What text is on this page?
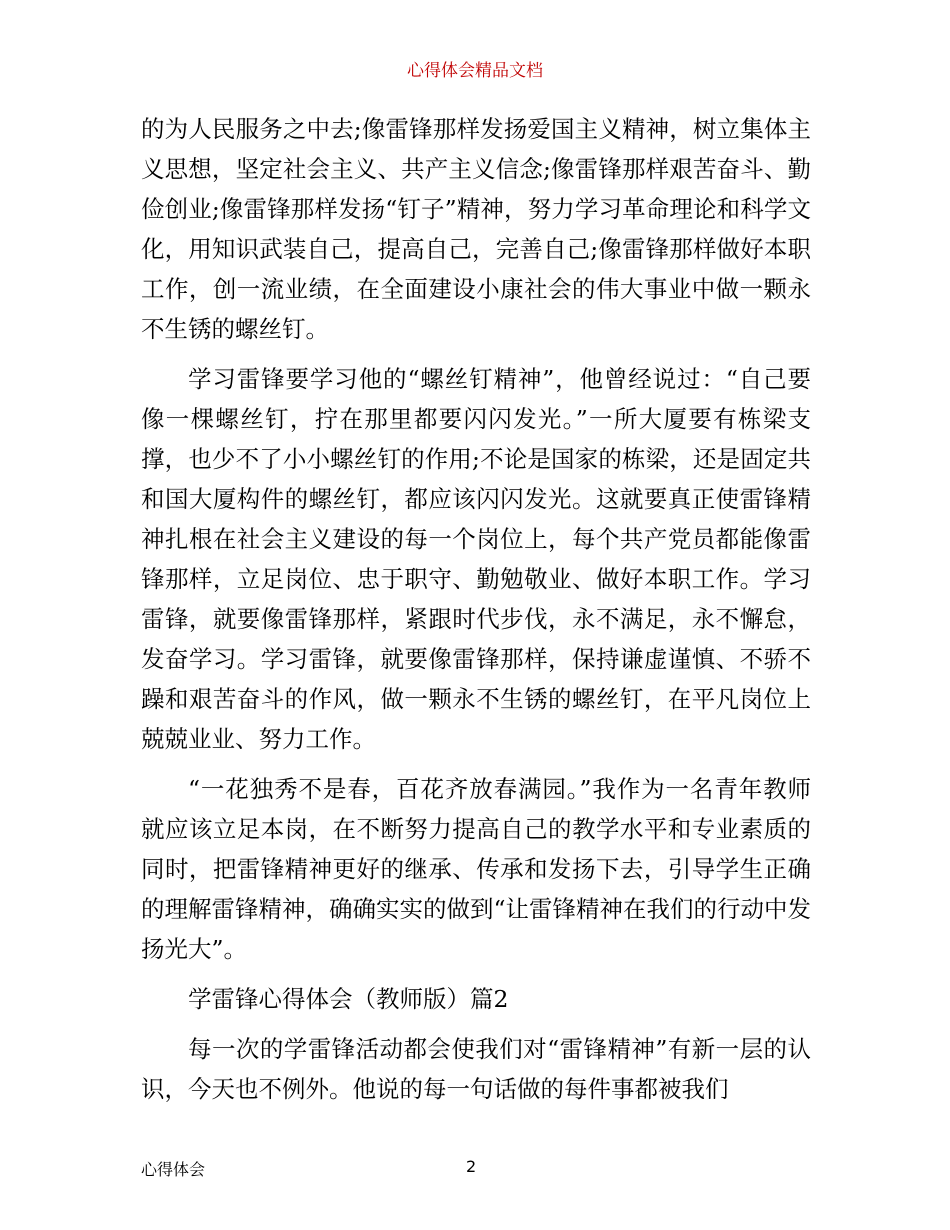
心得体会精品文档

的为人民服务之中去;像雷锋那样发扬爱国主义精神，树立集体主义思想，坚定社会主义、共产主义信念;像雷锋那样艰苦奋斗、勤俭创业;像雷锋那样发扬“钉子”精神，努力学习革命理论和科学文化，用知识武装自己，提高自己，完善自己;像雷锋那样做好本职工作，创一流业绩，在全面建设小康社会的伟大事业中做一颗永不生锈的螺丝钉。

学习雷锋要学习他的“螺丝钉精神”，他曾经说过：“自己要像一棵螺丝钉，拧在那里都要闪闪发光。”一所大厦要有栋梁支撑，也少不了小小螺丝钉的作用;不论是国家的栋梁，还是固定共和国大厦构件的螺丝钉，都应该闪闪发光。这就要真正使雷锋精神扎根在社会主义建设的每一个岗位上，每个共产党员都能像雷锋那样，立足岗位、忠于职守、勤勉敬业、做好本职工作。学习雷锋，就要像雷锋那样，紧跟时代步伐，永不满足，永不懈怠，发奋学习。学习雷锋，就要像雷锋那样，保持谦虚谨慎、不骄不躁和艰苦奋斗的作风，做一颗永不生锈的螺丝钉，在平凡岗位上兢兢业业、努力工作。

“一花独秀不是春，百花齐放春满园。”我作为一名青年教师就应该立足本岗，在不断努力提高自己的教学水平和专业素质的同时，把雷锋精神更好的继承、传承和发扬下去，引导学生正确的理解雷锋精神，确确实实的做到“让雷锋精神在我们的行动中发扬光大”。

学雷锋心得体会（教师版）篇2

每一次的学雷锋活动都会使我们对“雷锋精神”有新一层的认识，今天也不例外。他说的每一句话做的每件事都被我们

心得体会	2
